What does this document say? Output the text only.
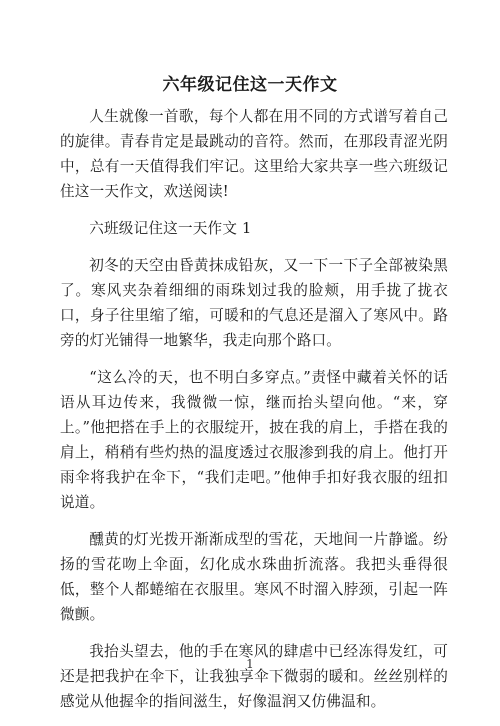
六年级记住这一天作文

人生就像一首歌，每个人都在用不同的方式谱写着自己的旋律。青春肯定是最跳动的音符。然而，在那段青涩光阴中，总有一天值得我们牢记。这里给大家共享一些六班级记住这一天作文，欢送阅读!

六班级记住这一天作文 1

初冬的天空由昏黄抹成铅灰，又一下一下子全部被染黑了。寒风夹杂着细细的雨珠划过我的脸颊，用手拢了拢衣口，身子往里缩了缩，可暖和的气息还是溜入了寒风中。路旁的灯光铺得一地繁华，我走向那个路口。

“这么冷的天，也不明白多穿点。”责怪中藏着关怀的话语从耳边传来，我微微一惊，继而抬头望向他。“来，穿上。”他把搭在手上的衣服绽开，披在我的肩上，手搭在我的肩上，稍稍有些灼热的温度透过衣服渗到我的肩上。他打开雨伞将我护在伞下，“我们走吧。”他伸手扣好我衣服的纽扣说道。

醺黄的灯光拨开渐渐成型的雪花，天地间一片静谧。纷扬的雪花吻上伞面，幻化成水珠曲折流落。我把头垂得很低，整个人都蜷缩在衣服里。寒风不时溜入脖颈，引起一阵微颤。

我抬头望去，他的手在寒风的肆虐中已经冻得发红，可还是把我护在伞下，让我独享伞下微弱的暖和。丝丝别样的感觉从他握伞的指间滋生，好像温润又仿佛温和。

1
